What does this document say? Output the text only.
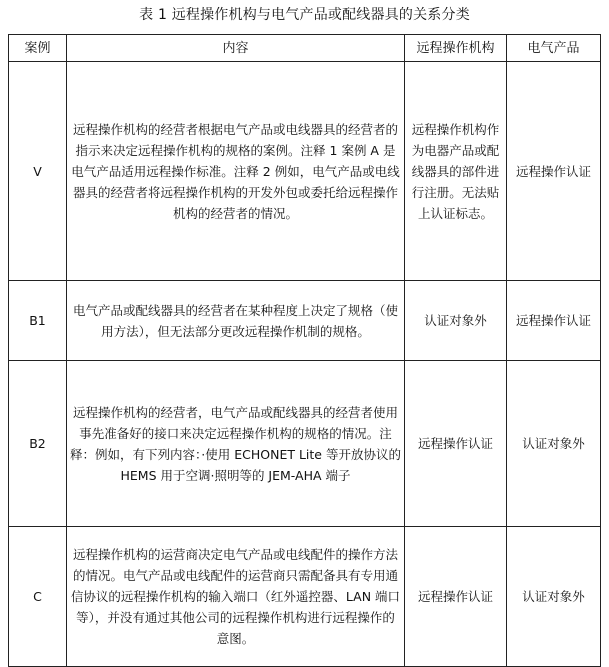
表 1 远程操作机构与电气产品或配线器具的关系分类
案例	内容	远程操作机构	电气产品
V	远程操作机构的经营者根据电气产品或电线器具的经营者的指示来决定远程操作机构的规格的案例。注释 1 案例 A 是电气产品适用远程操作标准。注释 2 例如，电气产品或电线器具的经营者将远程操作机构的开发外包或委托给远程操作机构的经营者的情况。	远程操作机构作为电器产品或配线器具的部件进行注册。无法贴上认证标志。	远程操作认证
B1	电气产品或配线器具的经营者在某种程度上决定了规格（使用方法），但无法部分更改远程操作机制的规格。	认证对象外	远程操作认证
B2	远程操作机构的经营者，电气产品或配线器具的经营者使用事先准备好的接口来决定远程操作机构的规格的情况。注释：例如，有下列内容：·使用 ECHONET Lite 等开放协议的 HEMS 用于空调·照明等的 JEM-AHA 端子	远程操作认证	认证对象外
C	远程操作机构的运营商决定电气产品或电线配件的操作方法的情况。电气产品或电线配件的运营商只需配备具有专用通信协议的远程操作机构的输入端口（红外遥控器、LAN 端口等），并没有通过其他公司的远程操作机构进行远程操作的意图。	远程操作认证	认证对象外
